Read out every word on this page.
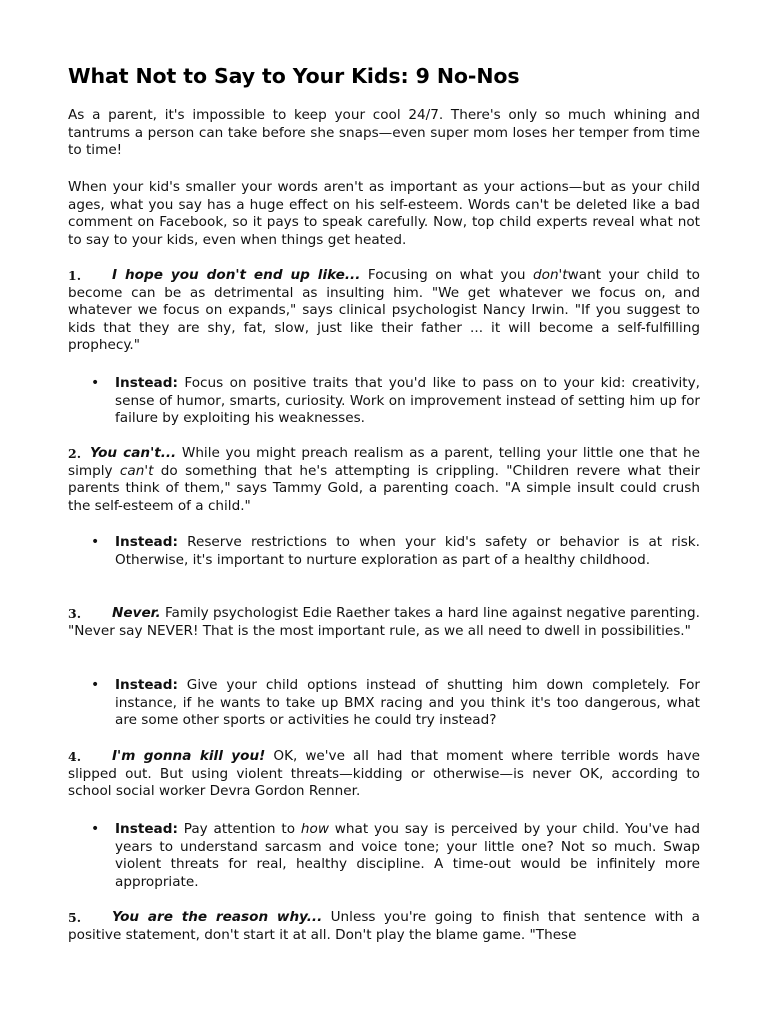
What Not to Say to Your Kids: 9 No-Nos

As a parent, it's impossible to keep your cool 24/7. There's only so much whining and tantrums a person can take before she snaps—even super mom loses her temper from time to time!

When your kid's smaller your words aren't as important as your actions—but as your child ages, what you say has a huge effect on his self-esteem. Words can't be deleted like a bad comment on Facebook, so it pays to speak carefully. Now, top child experts reveal what not to say to your kids, even when things get heated.

1.	I hope you don't end up like... Focusing on what you don'twant your child to become can be as detrimental as insulting him. "We get whatever we focus on, and whatever we focus on expands," says clinical psychologist Nancy Irwin. "If you suggest to kids that they are shy, fat, slow, just like their father ... it will become a self-fulfilling prophecy."

• Instead: Focus on positive traits that you'd like to pass on to your kid: creativity, sense of humor, smarts, curiosity. Work on improvement instead of setting him up for failure by exploiting his weaknesses.

2. You can't... While you might preach realism as a parent, telling your little one that he simply can't do something that he's attempting is crippling. "Children revere what their parents think of them," says Tammy Gold, a parenting coach. "A simple insult could crush the self-esteem of a child."

• Instead: Reserve restrictions to when your kid's safety or behavior is at risk. Otherwise, it's important to nurture exploration as part of a healthy childhood.

3.	Never. Family psychologist Edie Raether takes a hard line against negative parenting. "Never say NEVER! That is the most important rule, as we all need to dwell in possibilities."

• Instead: Give your child options instead of shutting him down completely. For instance, if he wants to take up BMX racing and you think it's too dangerous, what are some other sports or activities he could try instead?

4.	I'm gonna kill you! OK, we've all had that moment where terrible words have slipped out. But using violent threats—kidding or otherwise—is never OK, according to school social worker Devra Gordon Renner.

• Instead: Pay attention to how what you say is perceived by your child. You've had years to understand sarcasm and voice tone; your little one? Not so much. Swap violent threats for real, healthy discipline. A time-out would be infinitely more appropriate.

5.	You are the reason why... Unless you're going to finish that sentence with a positive statement, don't start it at all. Don't play the blame game. "These
